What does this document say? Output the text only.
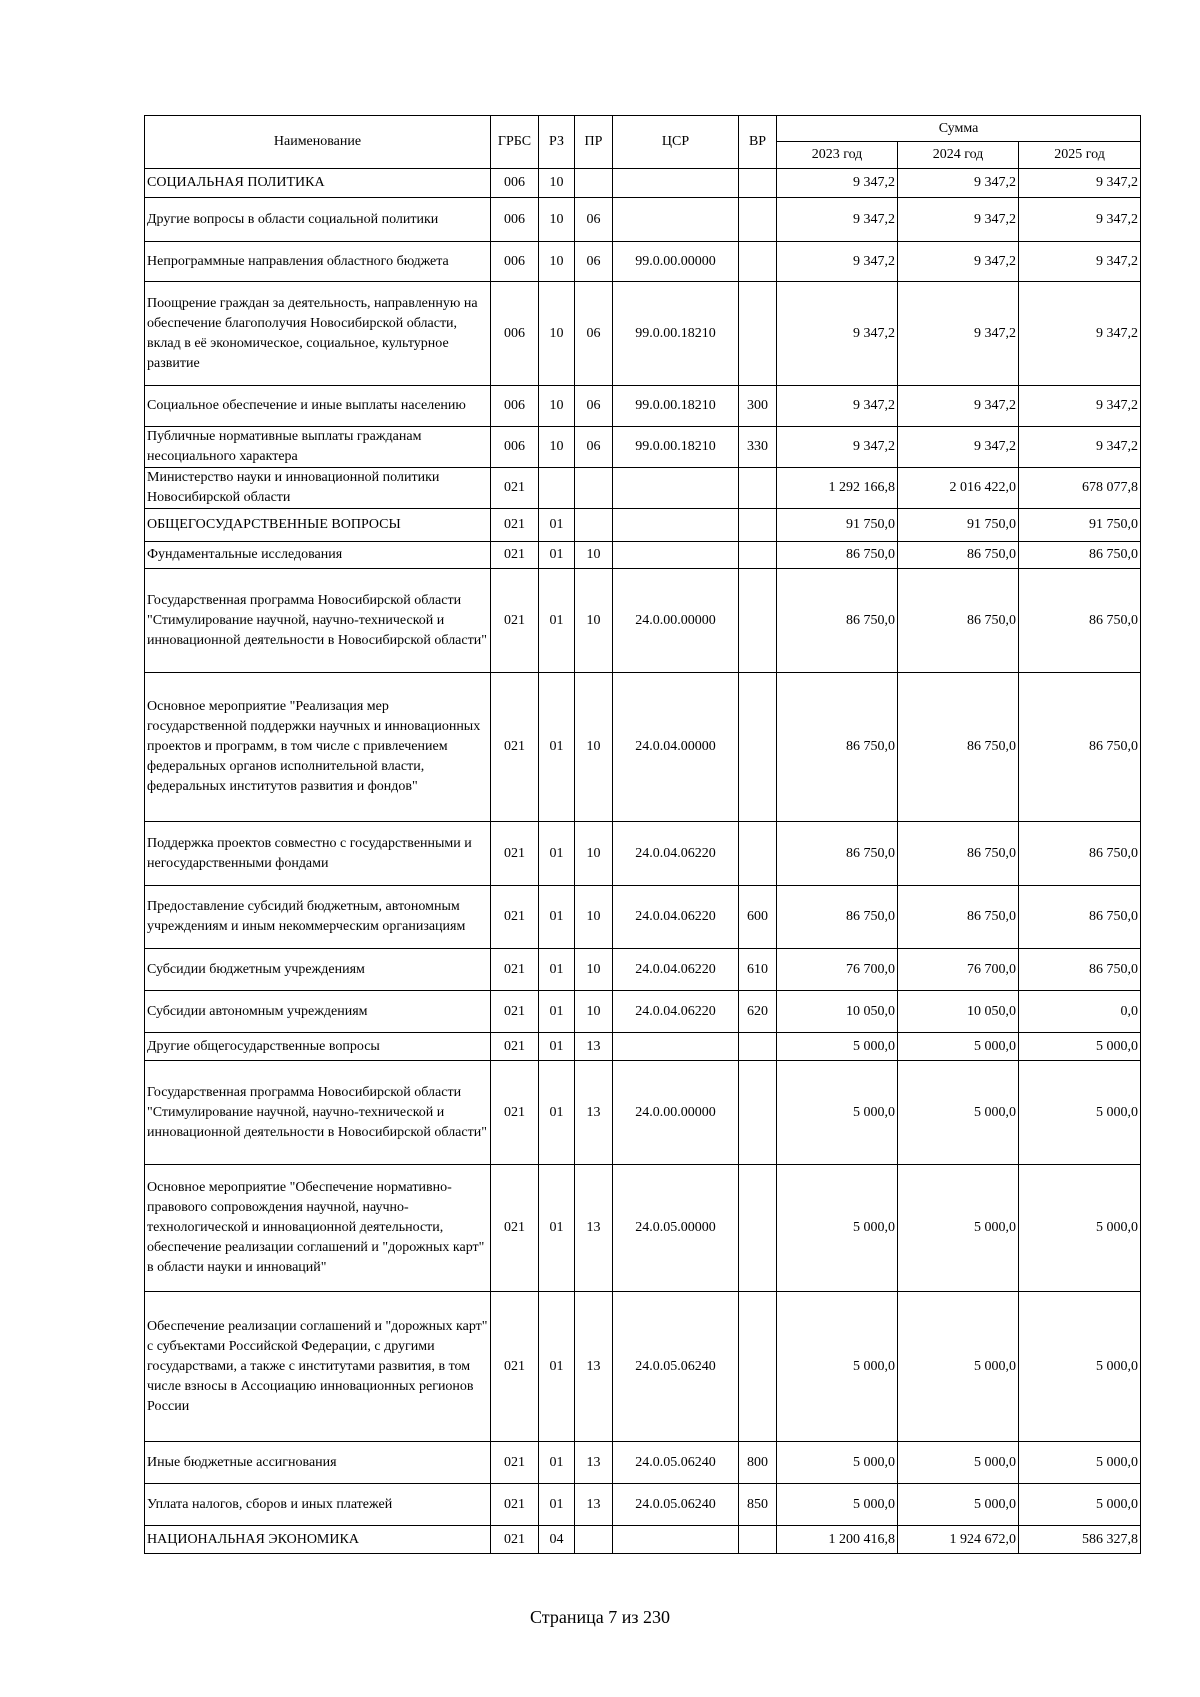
Наименование	ГРБС	РЗ	ПР	ЦСР	ВР	Сумма		
						2023 год	2024 год	2025 год
СОЦИАЛЬНАЯ ПОЛИТИКА	006	10				9 347,2	9 347,2	9 347,2
Другие вопросы в области социальной политики	006	10	06			9 347,2	9 347,2	9 347,2
Непрограммные направления областного бюджета	006	10	06	99.0.00.00000		9 347,2	9 347,2	9 347,2
Поощрение граждан за деятельность, направленную на обеспечение благополучия Новосибирской области, вклад в её экономическое, социальное, культурное развитие	006	10	06	99.0.00.18210		9 347,2	9 347,2	9 347,2
Социальное обеспечение и иные выплаты населению	006	10	06	99.0.00.18210	300	9 347,2	9 347,2	9 347,2
Публичные нормативные выплаты гражданам несоциального характера	006	10	06	99.0.00.18210	330	9 347,2	9 347,2	9 347,2
Министерство науки и инновационной политики Новосибирской области	021					1 292 166,8	2 016 422,0	678 077,8
ОБЩЕГОСУДАРСТВЕННЫЕ ВОПРОСЫ	021	01				91 750,0	91 750,0	91 750,0
Фундаментальные исследования	021	01	10			86 750,0	86 750,0	86 750,0
Государственная программа Новосибирской области "Стимулирование научной, научно-технической и инновационной деятельности в Новосибирской области"	021	01	10	24.0.00.00000		86 750,0	86 750,0	86 750,0
Основное мероприятие "Реализация мер государственной поддержки научных и инновационных проектов и программ, в том числе с привлечением федеральных органов исполнительной власти, федеральных институтов развития и фондов"	021	01	10	24.0.04.00000		86 750,0	86 750,0	86 750,0
Поддержка проектов совместно с государственными и негосударственными фондами	021	01	10	24.0.04.06220		86 750,0	86 750,0	86 750,0
Предоставление субсидий бюджетным, автономным учреждениям и иным некоммерческим организациям	021	01	10	24.0.04.06220	600	86 750,0	86 750,0	86 750,0
Субсидии бюджетным учреждениям	021	01	10	24.0.04.06220	610	76 700,0	76 700,0	86 750,0
Субсидии автономным учреждениям	021	01	10	24.0.04.06220	620	10 050,0	10 050,0	0,0
Другие общегосударственные вопросы	021	01	13			5 000,0	5 000,0	5 000,0
Государственная программа Новосибирской области "Стимулирование научной, научно-технической и инновационной деятельности в Новосибирской области"	021	01	13	24.0.00.00000		5 000,0	5 000,0	5 000,0
Основное мероприятие "Обеспечение нормативно-правового сопровождения научной, научно-технологической и инновационной деятельности, обеспечение реализации соглашений и "дорожных карт" в области науки и инноваций"	021	01	13	24.0.05.00000		5 000,0	5 000,0	5 000,0
Обеспечение реализации соглашений и "дорожных карт" с субъектами Российской Федерации, с другими государствами, а также с институтами развития, в том числе взносы в Ассоциацию инновационных регионов России	021	01	13	24.0.05.06240		5 000,0	5 000,0	5 000,0
Иные бюджетные ассигнования	021	01	13	24.0.05.06240	800	5 000,0	5 000,0	5 000,0
Уплата налогов, сборов и иных платежей	021	01	13	24.0.05.06240	850	5 000,0	5 000,0	5 000,0
НАЦИОНАЛЬНАЯ ЭКОНОМИКА	021	04				1 200 416,8	1 924 672,0	586 327,8
Страница 7 из 230
